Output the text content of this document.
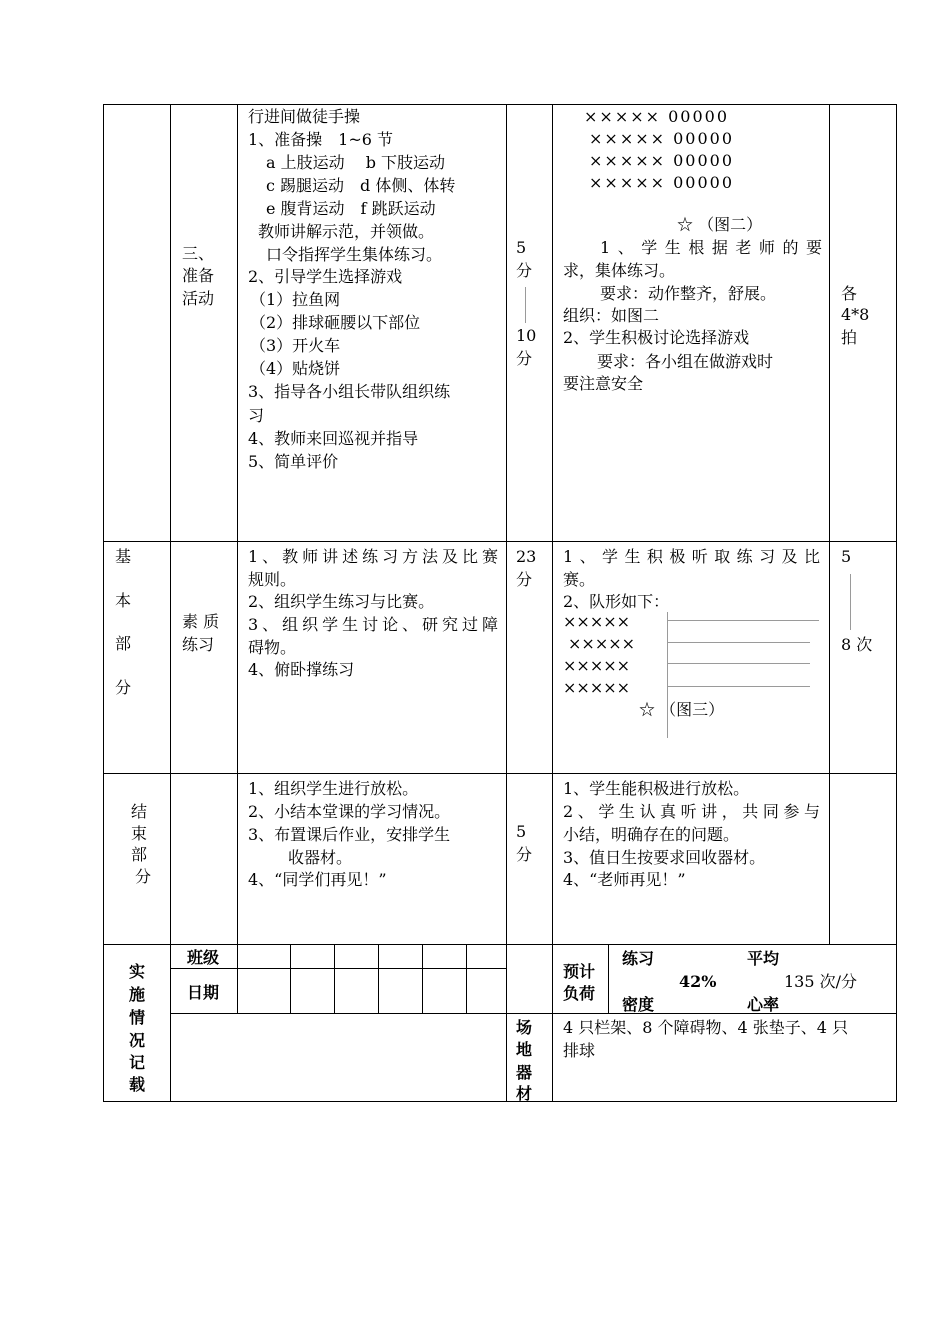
三、
准备
活动
行进间做徒手操
1、准备操　1~6 节
a 上肢运动　 b 下肢运动
c 踢腿运动　d 体侧、体转
e 腹背运动　f 跳跃运动
教师讲解示范，并领做。
口令指挥学生集体练习。
2、引导学生选择游戏
（1）拉鱼网
（2）排球砸腰以下部位
（3）开火车
（4）贴烧饼
3、指导各小组长带队组织练
习
4、教师来回巡视并指导
5、简单评价
5
分
10
分
××××× 00000
××××× 00000
××××× 00000
××××× 00000
☆ （图二）
1、学生根据老师的要
求，集体练习。
要求：动作整齐，舒展。
组织：如图二
2、学生积极讨论选择游戏
要求：各小组在做游戏时
要注意安全
各
4*8
拍
基
本
部
分
素 质
练习
1、教师讲述练习方法及比赛
规则。
2、组织学生练习与比赛。
3、组织学生讨论、研究过障
碍物。
4、俯卧撑练习
23
分
1、学生积极听取练习及比
赛。
2、队形如下：
×××××
×××××
×××××
×××××
☆ （图三）
5
8 次
结
束
部
分
1、组织学生进行放松。
2、小结本堂课的学习情况。
3、布置课后作业，安排学生
收器材。
4、“同学们再见！”
5
分
1、学生能积极进行放松。
2、学生认真听讲，共同参与
小结，明确存在的问题。
3、值日生按要求回收器材。
4、“老师再见！”
实
施
情
况
记
载
班级
日期
预计
负荷
练习
42%
密度
平均
135 次/分
心率
场
地
器
材
4 只栏架、8 个障碍物、4 张垫子、4 只
排球
